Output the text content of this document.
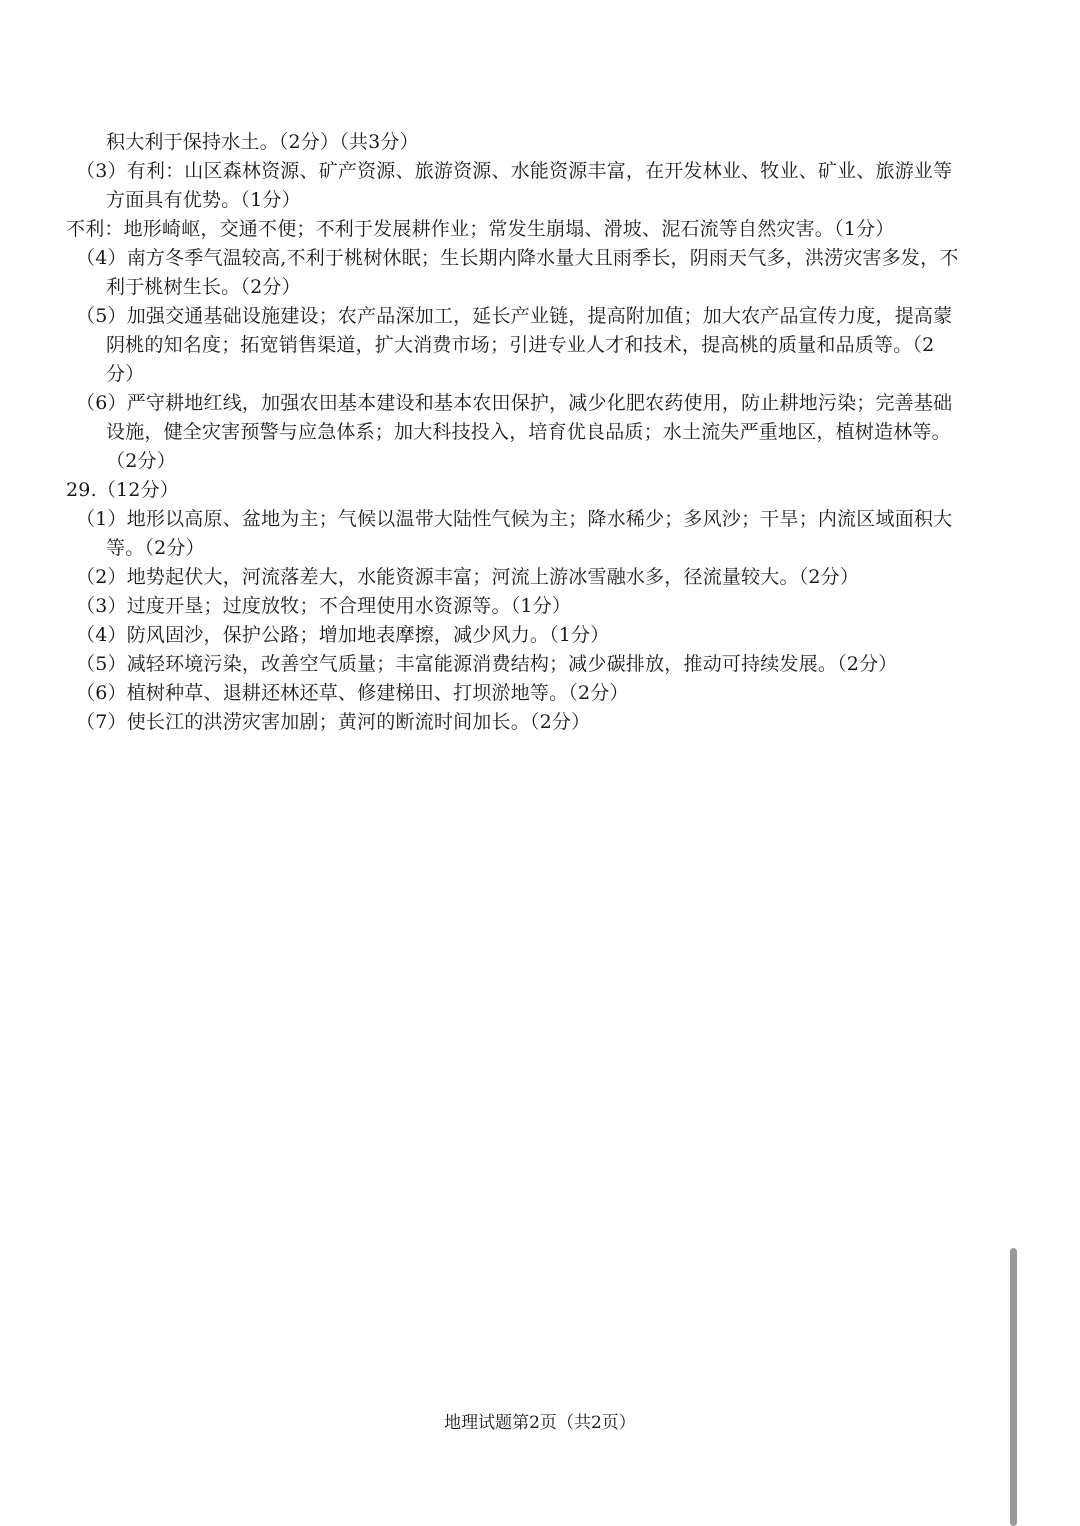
积大利于保持水土。（2分）（共3分）
（3）有利：山区森林资源、矿产资源、旅游资源、水能资源丰富，在开发林业、牧业、矿业、旅游业等
方面具有优势。（1分）
不利：地形崎岖，交通不便；不利于发展耕作业；常发生崩塌、滑坡、泥石流等自然灾害。（1分）
（4）南方冬季气温较高,不利于桃树休眠；生长期内降水量大且雨季长，阴雨天气多，洪涝灾害多发，不
利于桃树生长。（2分）
（5）加强交通基础设施建设；农产品深加工，延长产业链，提高附加值；加大农产品宣传力度，提高蒙
阴桃的知名度；拓宽销售渠道，扩大消费市场；引进专业人才和技术，提高桃的质量和品质等。（2
分）
（6）严守耕地红线，加强农田基本建设和基本农田保护，减少化肥农药使用，防止耕地污染；完善基础
设施，健全灾害预警与应急体系；加大科技投入，培育优良品质；水土流失严重地区，植树造林等。
（2分）
29.（12分）
（1）地形以高原、盆地为主；气候以温带大陆性气候为主；降水稀少；多风沙；干旱；内流区域面积大
等。（2分）
（2）地势起伏大，河流落差大，水能资源丰富；河流上游冰雪融水多，径流量较大。（2分）
（3）过度开垦；过度放牧；不合理使用水资源等。（1分）
（4）防风固沙，保护公路；增加地表摩擦，减少风力。（1分）
（5）减轻环境污染，改善空气质量；丰富能源消费结构；减少碳排放，推动可持续发展。（2分）
（6）植树种草、退耕还林还草、修建梯田、打坝淤地等。（2分）
（7）使长江的洪涝灾害加剧；黄河的断流时间加长。（2分）
地理试题第2页（共2页）
